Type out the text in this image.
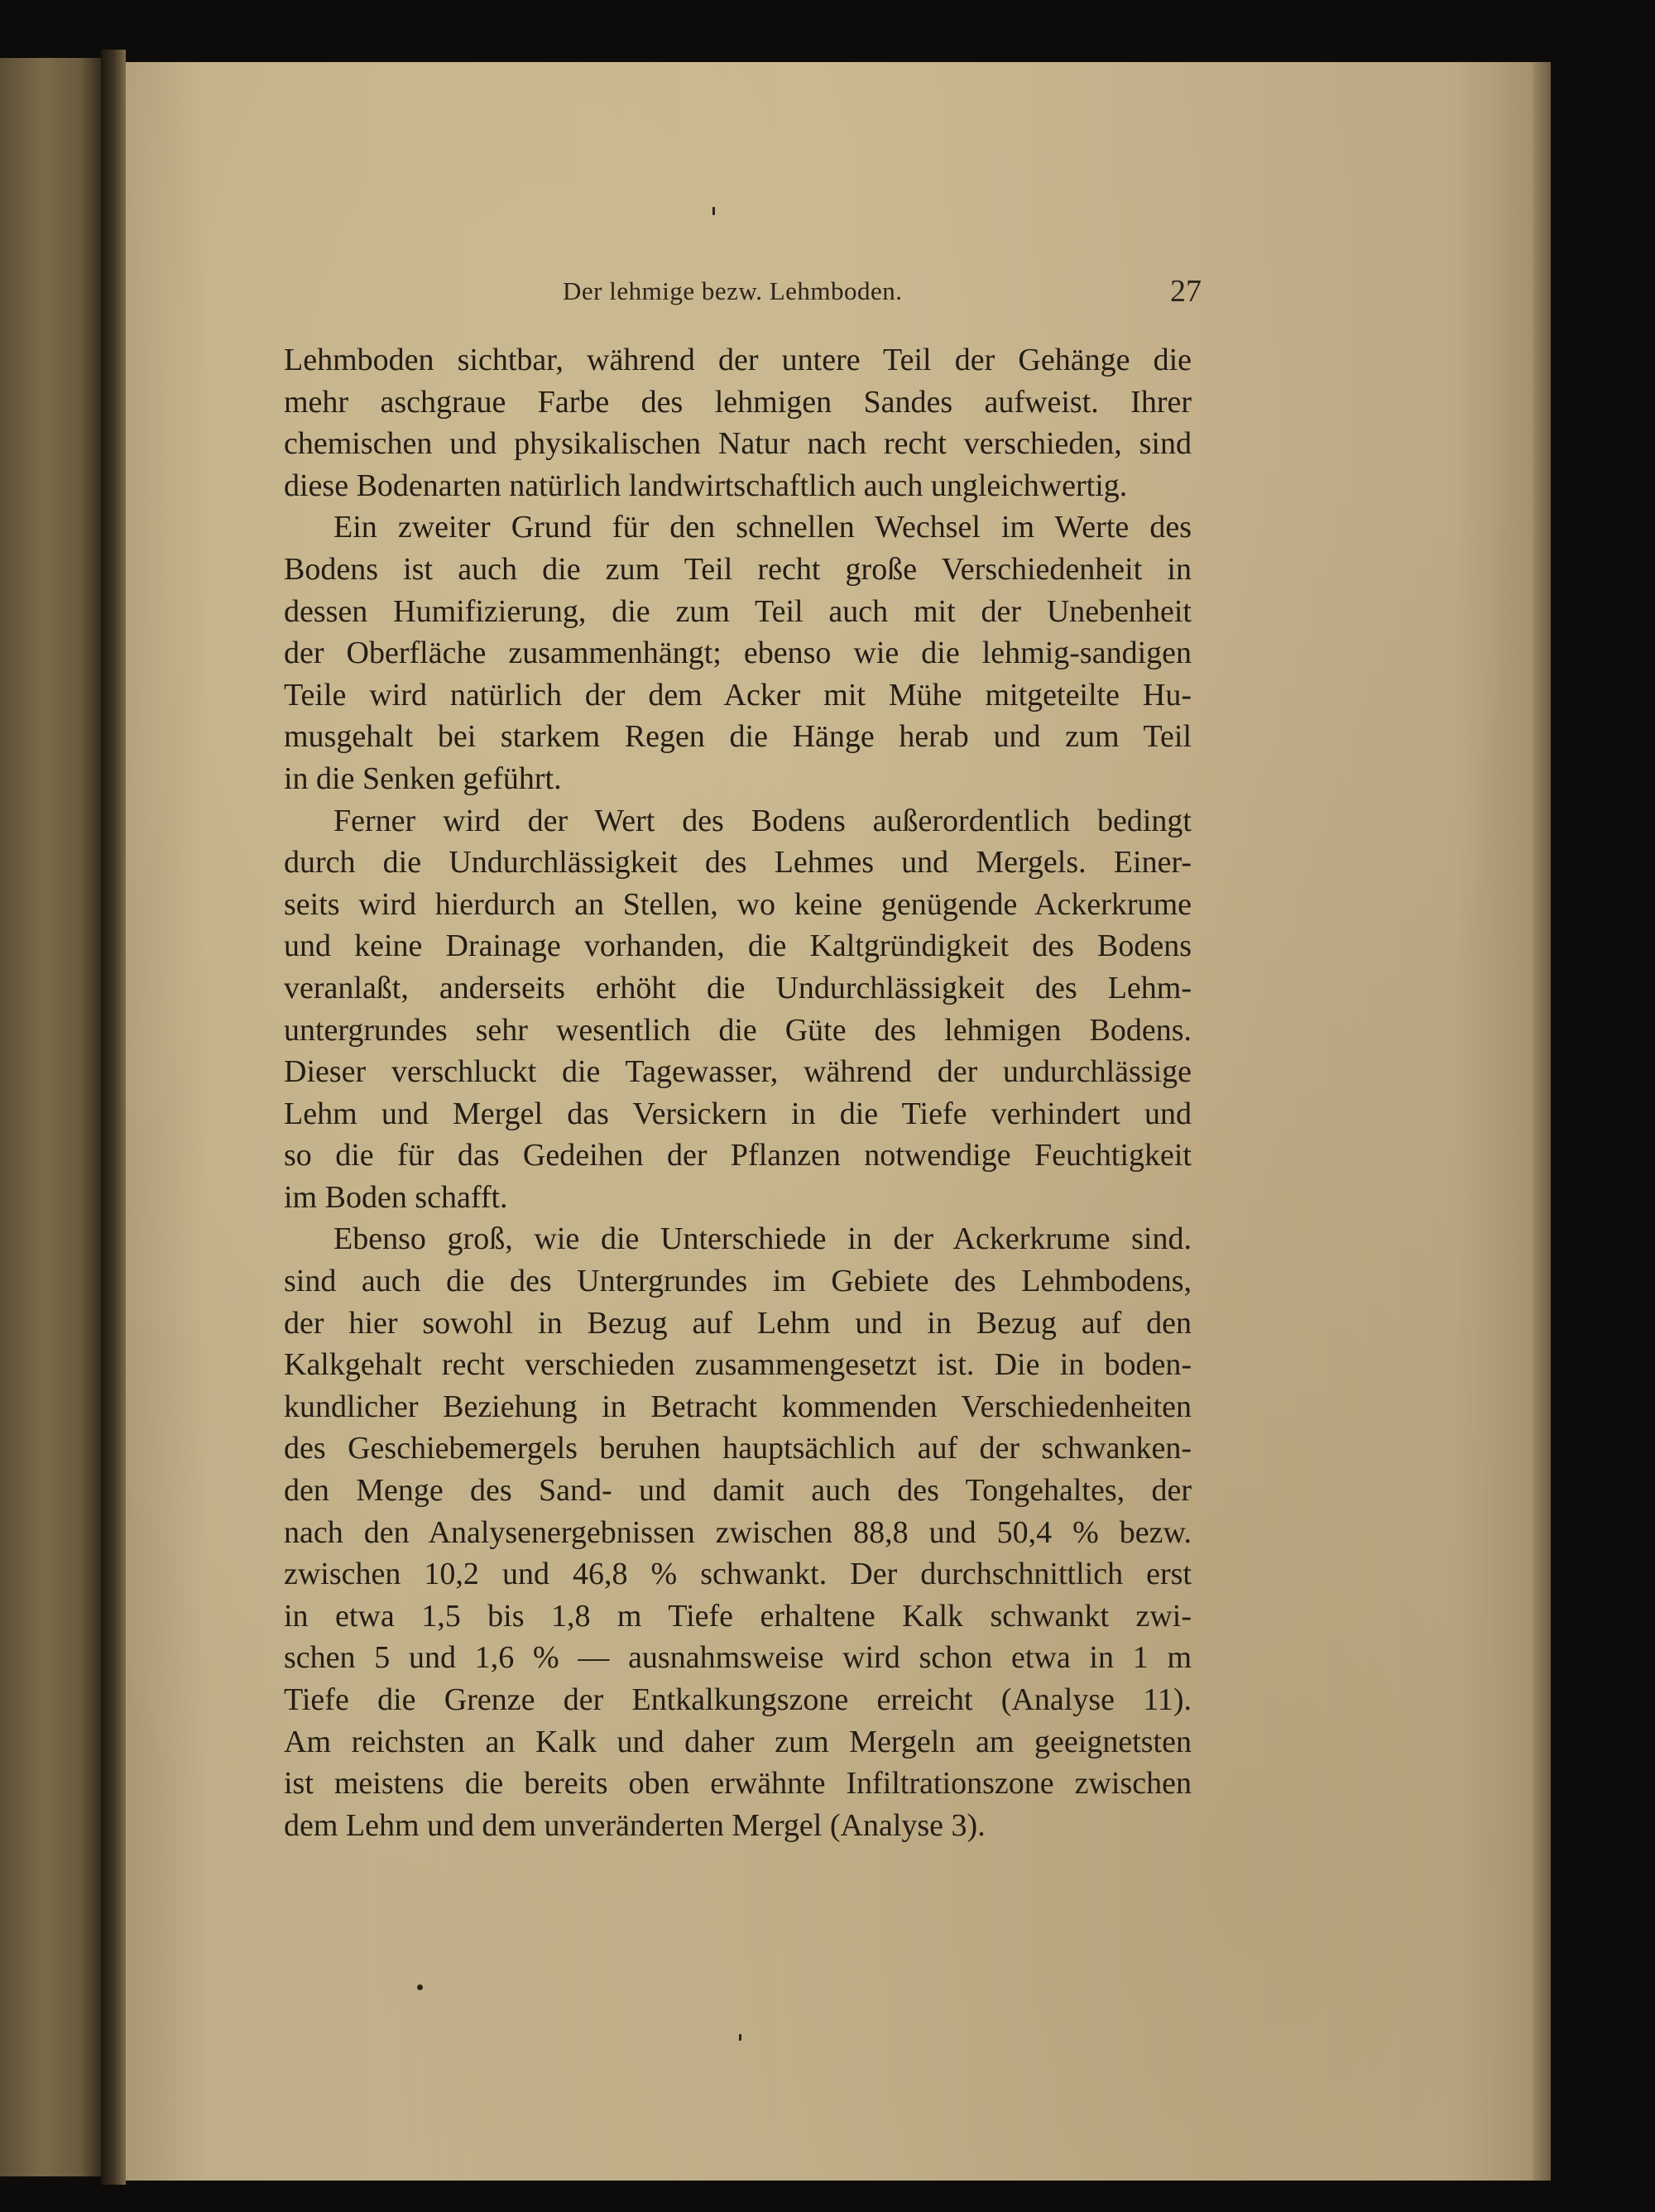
Der lehmige bezw. Lehmboden.	27
Lehmboden sichtbar, während der untere Teil der Gehänge die
mehr aschgraue Farbe des lehmigen Sandes aufweist. Ihrer
chemischen und physikalischen Natur nach recht verschieden, sind
diese Bodenarten natürlich landwirtschaftlich auch ungleichwertig.
Ein zweiter Grund für den schnellen Wechsel im Werte des
Bodens ist auch die zum Teil recht große Verschiedenheit in
dessen Humifizierung, die zum Teil auch mit der Unebenheit
der Oberfläche zusammenhängt; ebenso wie die lehmig-sandigen
Teile wird natürlich der dem Acker mit Mühe mitgeteilte Hu-
musgehalt bei starkem Regen die Hänge herab und zum Teil
in die Senken geführt.
Ferner wird der Wert des Bodens außerordentlich bedingt
durch die Undurchlässigkeit des Lehmes und Mergels. Einer-
seits wird hierdurch an Stellen, wo keine genügende Ackerkrume
und keine Drainage vorhanden, die Kaltgründigkeit des Bodens
veranlaßt, anderseits erhöht die Undurchlässigkeit des Lehm-
untergrundes sehr wesentlich die Güte des lehmigen Bodens.
Dieser verschluckt die Tagewasser, während der undurchlässige
Lehm und Mergel das Versickern in die Tiefe verhindert und
so die für das Gedeihen der Pflanzen notwendige Feuchtigkeit
im Boden schafft.
Ebenso groß, wie die Unterschiede in der Ackerkrume sind.
sind auch die des Untergrundes im Gebiete des Lehmbodens,
der hier sowohl in Bezug auf Lehm und in Bezug auf den
Kalkgehalt recht verschieden zusammengesetzt ist. Die in boden-
kundlicher Beziehung in Betracht kommenden Verschiedenheiten
des Geschiebemergels beruhen hauptsächlich auf der schwanken-
den Menge des Sand- und damit auch des Tongehaltes, der
nach den Analysenergebnissen zwischen 88,8 und 50,4 % bezw.
zwischen 10,2 und 46,8 % schwankt. Der durchschnittlich erst
in etwa 1,5 bis 1,8 m Tiefe erhaltene Kalk schwankt zwi-
schen 5 und 1,6 % — ausnahmsweise wird schon etwa in 1 m
Tiefe die Grenze der Entkalkungszone erreicht (Analyse 11).
Am reichsten an Kalk und daher zum Mergeln am geeignetsten
ist meistens die bereits oben erwähnte Infiltrationszone zwischen
dem Lehm und dem unveränderten Mergel (Analyse 3).
